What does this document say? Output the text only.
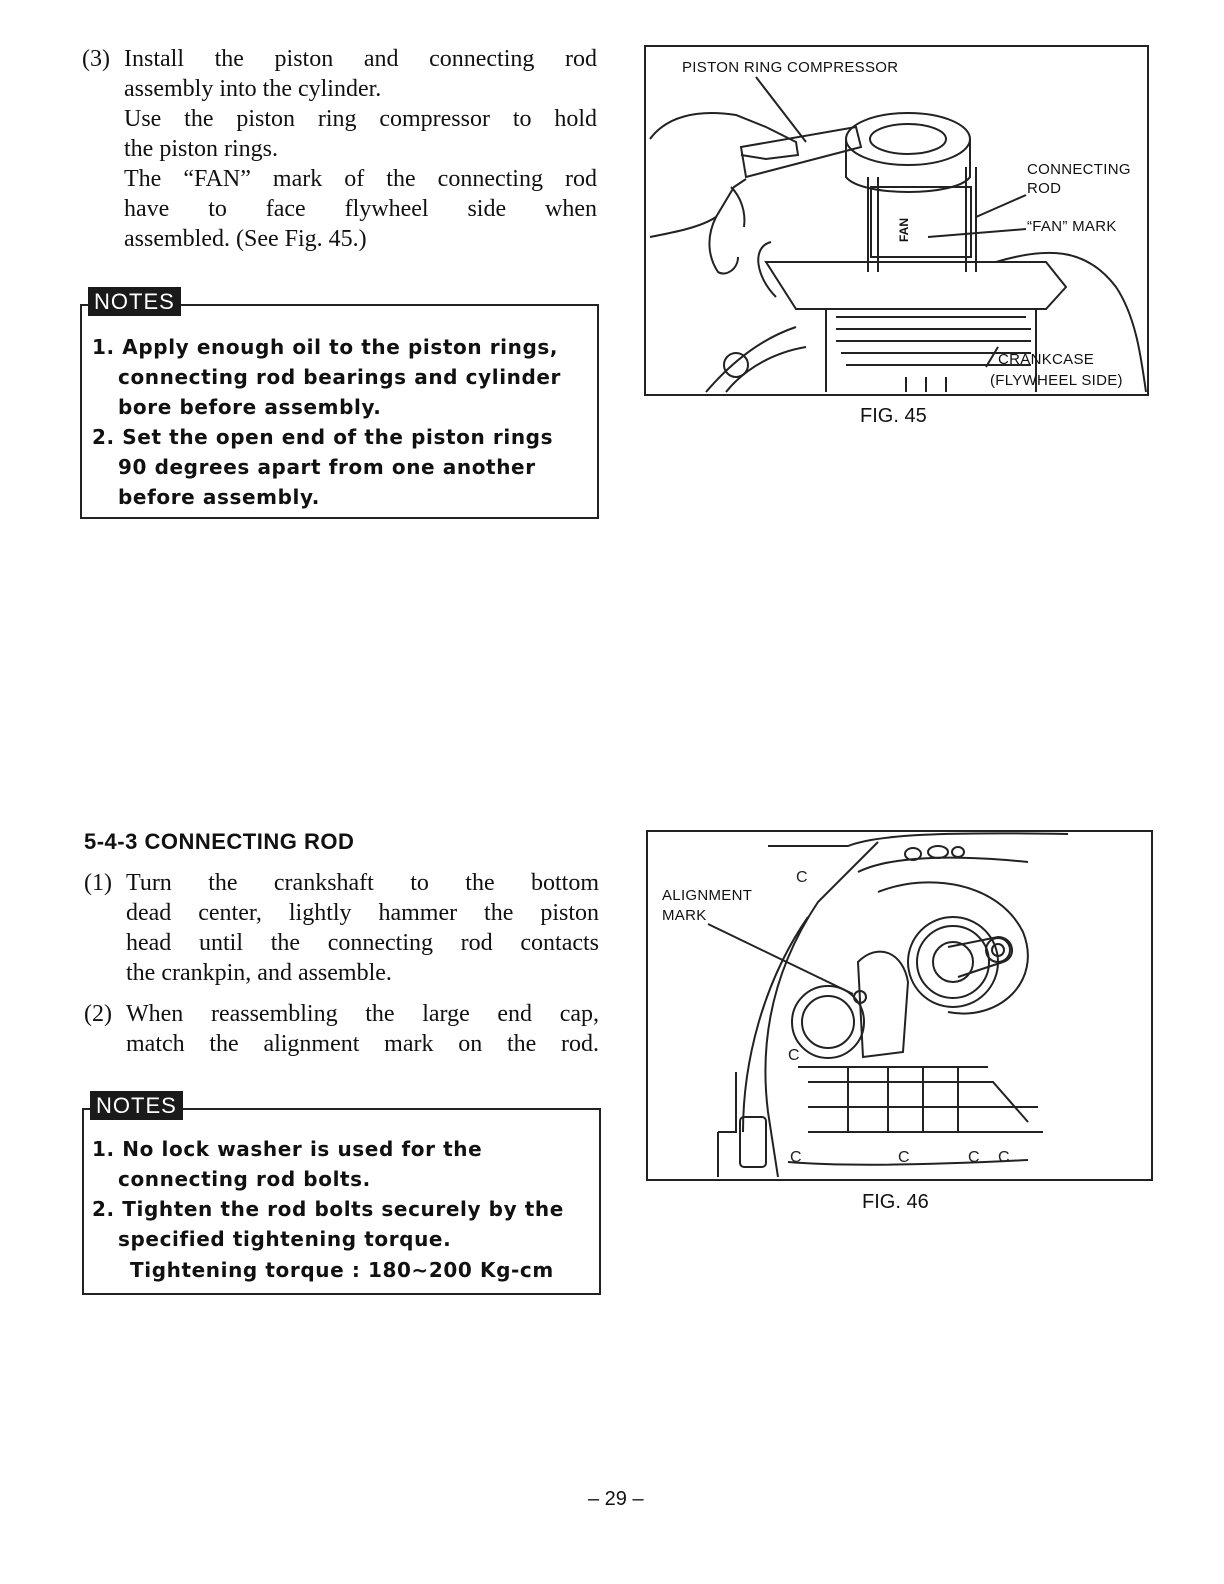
(3) Install the piston and connecting rod
assembly into the cylinder.
Use the piston ring compressor to hold
the piston rings.
The “FAN” mark of the connecting rod
have to face flywheel side when
assembled. (See Fig. 45.)
NOTES
1. Apply enough oil to the piston rings,
connecting rod bearings and cylinder
bore before assembly.
2. Set the open end of the piston rings
90 degrees apart from one another
before assembly.
FAN
PISTON RING COMPRESSOR
CONNECTING
ROD
“FAN” MARK
CRANKCASE
(FLYWHEEL SIDE)
FIG. 45
5-4-3 CONNECTING ROD
(1) Turn the crankshaft to the bottom
dead center, lightly hammer the piston
head until the connecting rod contacts
the crankpin, and assemble.
(2) When reassembling the large end cap,
match the alignment mark on the rod.
NOTES
1. No lock washer is used for the
connecting rod bolts.
2. Tighten the rod bolts securely by the
specified tightening torque.
Tightening torque : 180∼200 Kg-cm
C
C
C	C	C C
ALIGNMENT
MARK
FIG. 46
– 29 –
